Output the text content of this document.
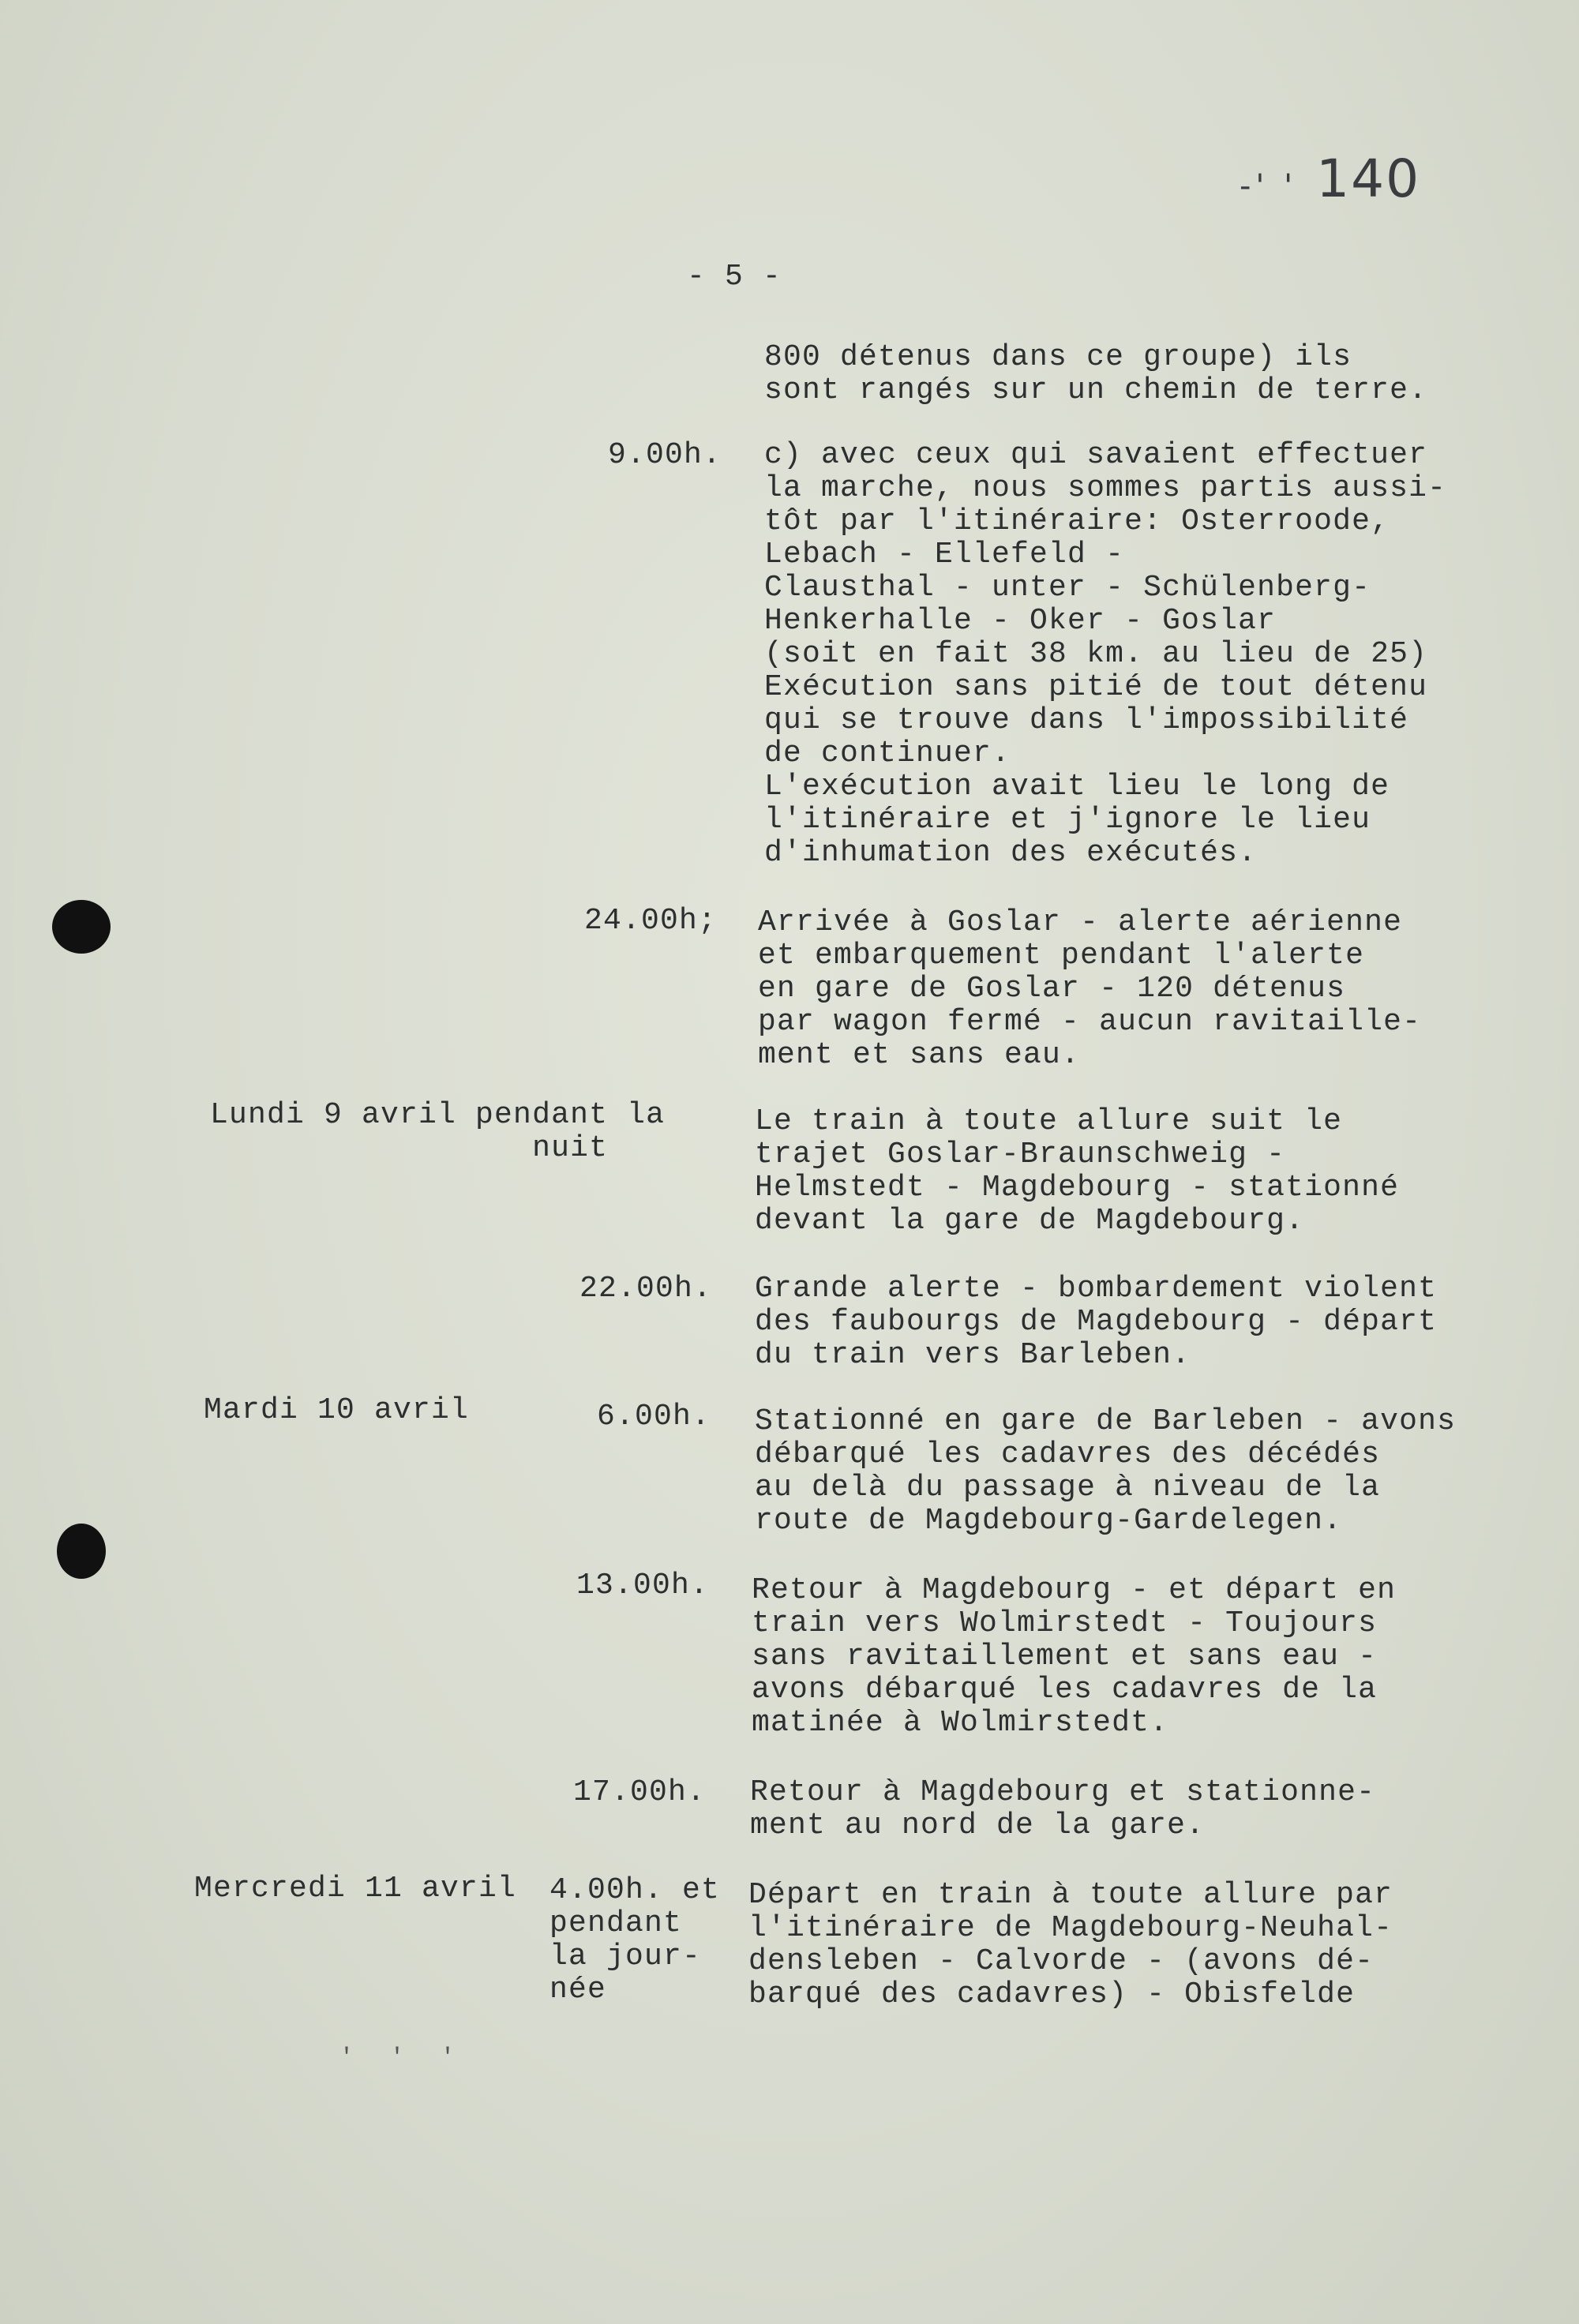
-' ' 140
- 5 -
800 détenus dans ce groupe) ils
sont rangés sur un chemin de terre.
9.00h. c) avec ceux qui savaient effectuer
la marche, nous sommes partis aussi-
tôt par l'itinéraire: Osterroode,
Lebach - Ellefeld -
Clausthal - unter - Schülenberg-
Henkerhalle - Oker - Goslar
(soit en fait 38 km. au lieu de 25)
Exécution sans pitié de tout détenu
qui se trouve dans l'impossibilité
de continuer.
L'exécution avait lieu le long de
l'itinéraire et j'ignore le lieu
d'inhumation des exécutés.
24.00h; Arrivée à Goslar - alerte aérienne
et embarquement pendant l'alerte
en gare de Goslar - 120 détenus
par wagon fermé - aucun ravitaille-
ment et sans eau.
Lundi 9 avril pendant la
nuit
Le train à toute allure suit le
trajet Goslar-Braunschweig -
Helmstedt - Magdebourg - stationné
devant la gare de Magdebourg.
22.00h. Grande alerte - bombardement violent
des faubourgs de Magdebourg - départ
du train vers Barleben.
Mardi 10 avril	6.00h. Stationné en gare de Barleben - avons
débarqué les cadavres des décédés
au delà du passage à niveau de la
route de Magdebourg-Gardelegen.
13.00h. Retour à Magdebourg - et départ en
train vers Wolmirstedt - Toujours
sans ravitaillement et sans eau -
avons débarqué les cadavres de la
matinée à Wolmirstedt.
17.00h. Retour à Magdebourg et stationne-
ment au nord de la gare.
Mercredi 11 avril 4.00h. et
pendant
la jour-
née
Départ en train à toute allure par
l'itinéraire de Magdebourg-Neuhal-
densleben - Calvorde - (avons dé-
barqué des cadavres) - Obisfelde
' ' '
